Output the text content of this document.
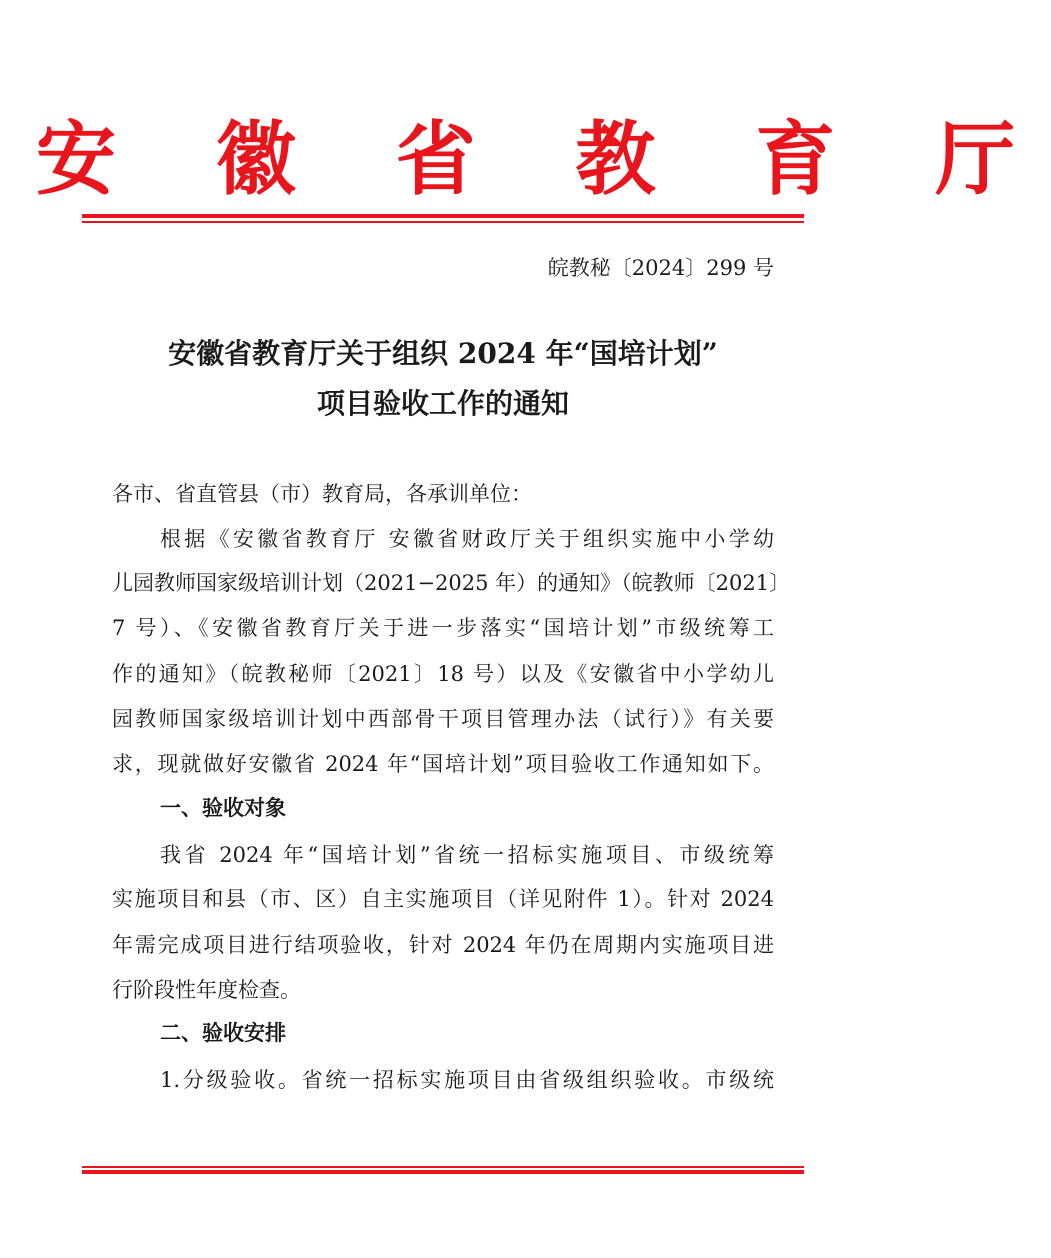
安 徽 省 教 育 厅
皖教秘〔2024〕299 号
安徽省教育厅关于组织 2024 年“国培计划”
项目验收工作的通知
各市、省直管县（市）教育局，各承训单位：
根据《安徽省教育厅 安徽省财政厅关于组织实施中小学幼
儿园教师国家级培训计划（2021−2025 年）的通知》（皖教师〔2021〕
7 号）、《安徽省教育厅关于进一步落实“国培计划”市级统筹工
作的通知》（皖教秘师〔2021〕18 号）以及《安徽省中小学幼儿
园教师国家级培训计划中西部骨干项目管理办法（试行）》有关要
求，现就做好安徽省 2024 年“国培计划”项目验收工作通知如下。
一、验收对象
我省 2024 年“国培计划”省统一招标实施项目、市级统筹
实施项目和县（市、区）自主实施项目（详见附件 1）。针对 2024
年需完成项目进行结项验收，针对 2024 年仍在周期内实施项目进
行阶段性年度检查。
二、验收安排
1.分级验收。省统一招标实施项目由省级组织验收。市级统
